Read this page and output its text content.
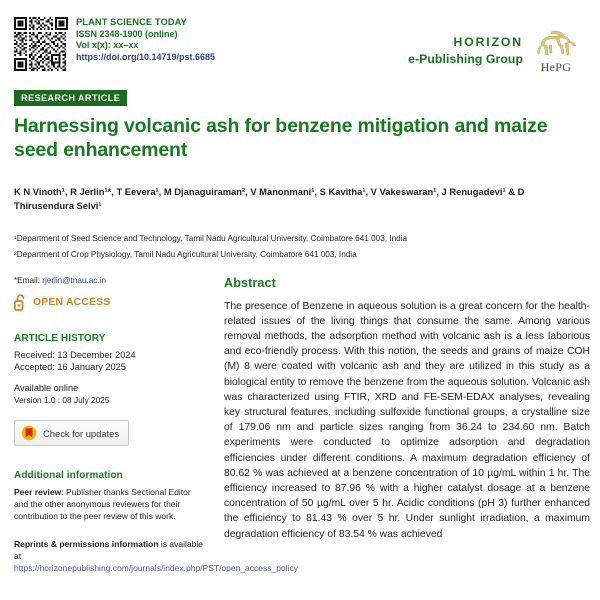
PLANT SCIENCE TODAY
ISSN 2348-1900 (online)
Vol x(x): xx–xx
https://doi.org/10.14719/pst.6685
HORIZON
e-Publishing Group
HePG
RESEARCH ARTICLE
Harnessing volcanic ash for benzene mitigation and maize seed enhancement
K N Vinoth¹, R Jerlin¹*, T Eevera¹, M Djanaguiraman², V Manonmani¹, S Kavitha¹, V Vakeswaran¹, J Renugadevi¹ & D Thirusendura Selvi¹
¹Department of Seed Science and Technology, Tamil Nadu Agricultural University, Coimbatore 641 003, India
²Department of Crop Physiology, Tamil Nadu Agricultural University, Coimbatore 641 003, India
*Email: rjerlin@tnau.ac.in
OPEN ACCESS
ARTICLE HISTORY
Received: 13 December 2024
Accepted: 16 January 2025
Available online
Version 1.0 : 08 July 2025
Check for updates
Additional information
Peer review: Publisher thanks Sectional Editor and the other anonymous reviewers for their contribution to the peer review of this work.
Reprints & permissions information is available at https://horizonepublishing.com/journals/index.php/PST/open_access_policy
Abstract
The presence of Benzene in aqueous solution is a great concern for the health-related issues of the living things that consume the same. Among various removal methods, the adsorption method with volcanic ash is a less laborious and eco-friendly process. With this notion, the seeds and grains of maize COH (M) 8 were coated with volcanic ash and they are utilized in this study as a biological entity to remove the benzene from the aqueous solution. Volcanic ash was characterized using FTIR, XRD and FE-SEM-EDAX analyses, revealing key structural features, including sulfoxide functional groups, a crystalline size of 179.06 nm and particle sizes ranging from 36.24 to 234.60 nm. Batch experiments were conducted to optimize adsorption and degradation efficiencies under different conditions. A maximum degradation efficiency of 80.62 % was achieved at a benzene concentration of 10 µg/mL within 1 hr. The efficiency increased to 87.96 % with a higher catalyst dosage at a benzene concentration of 50 µg/mL over 5 hr. Acidic conditions (pH 3) further enhanced the efficiency to 81.43 % over 5 hr. Under sunlight irradiation, a maximum degradation efficiency of 83.54 % was achieved
